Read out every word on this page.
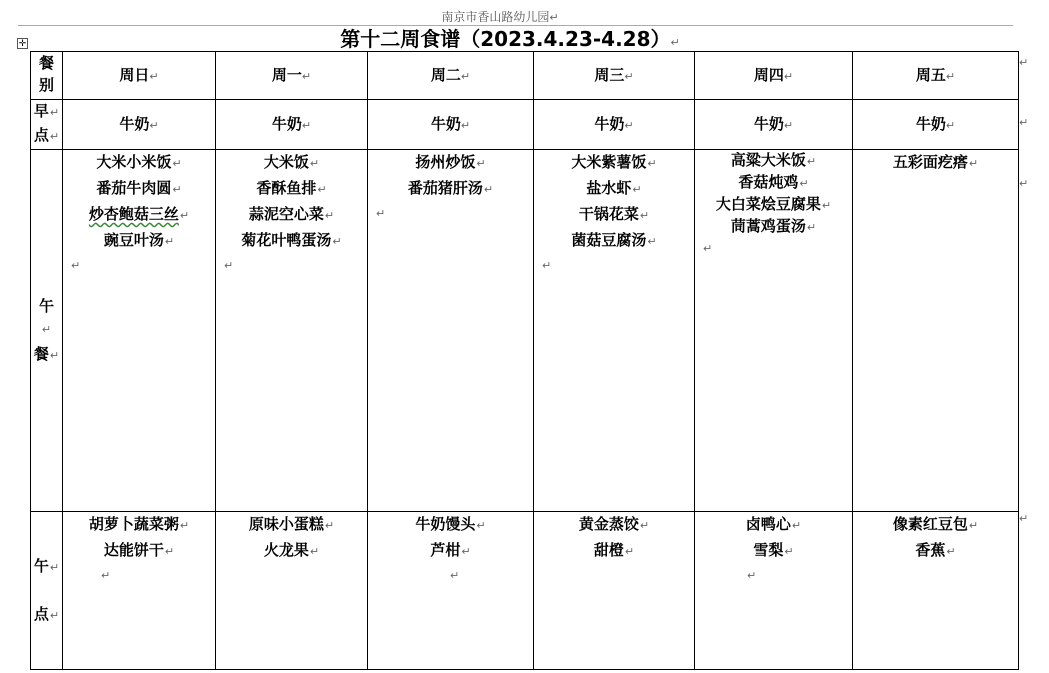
南京市香山路幼儿园↵
✛	第十二周食谱（2023.4.23-4.28）↵
餐
别	周日↵	周一↵	周二↵	周三↵	周四↵	周五↵

早↵
点↵	牛奶↵	牛奶↵	牛奶↵	牛奶↵	牛奶↵	牛奶↵

午
↵
餐↵	大米小米饭↵
番茄牛肉圆↵
炒杏鲍菇三丝↵
豌豆叶汤↵
↵	大米饭↵
香酥鱼排↵
蒜泥空心菜↵
菊花叶鸭蛋汤↵
↵	扬州炒饭↵
番茄猪肝汤↵
↵	大米紫薯饭↵
盐水虾↵
干锅花菜↵
菌菇豆腐汤↵
↵	高粱大米饭↵
香菇炖鸡↵
大白菜烩豆腐果↵
茼蒿鸡蛋汤↵
↵	五彩面疙瘩↵

午↵
点↵	胡萝卜蔬菜粥↵
达能饼干↵
↵	原味小蛋糕↵
火龙果↵	牛奶馒头↵
芦柑↵
↵	黄金蒸饺↵
甜橙↵	卤鸭心↵
雪梨↵
↵	像素红豆包↵
香蕉↵
↵
↵
↵
↵
